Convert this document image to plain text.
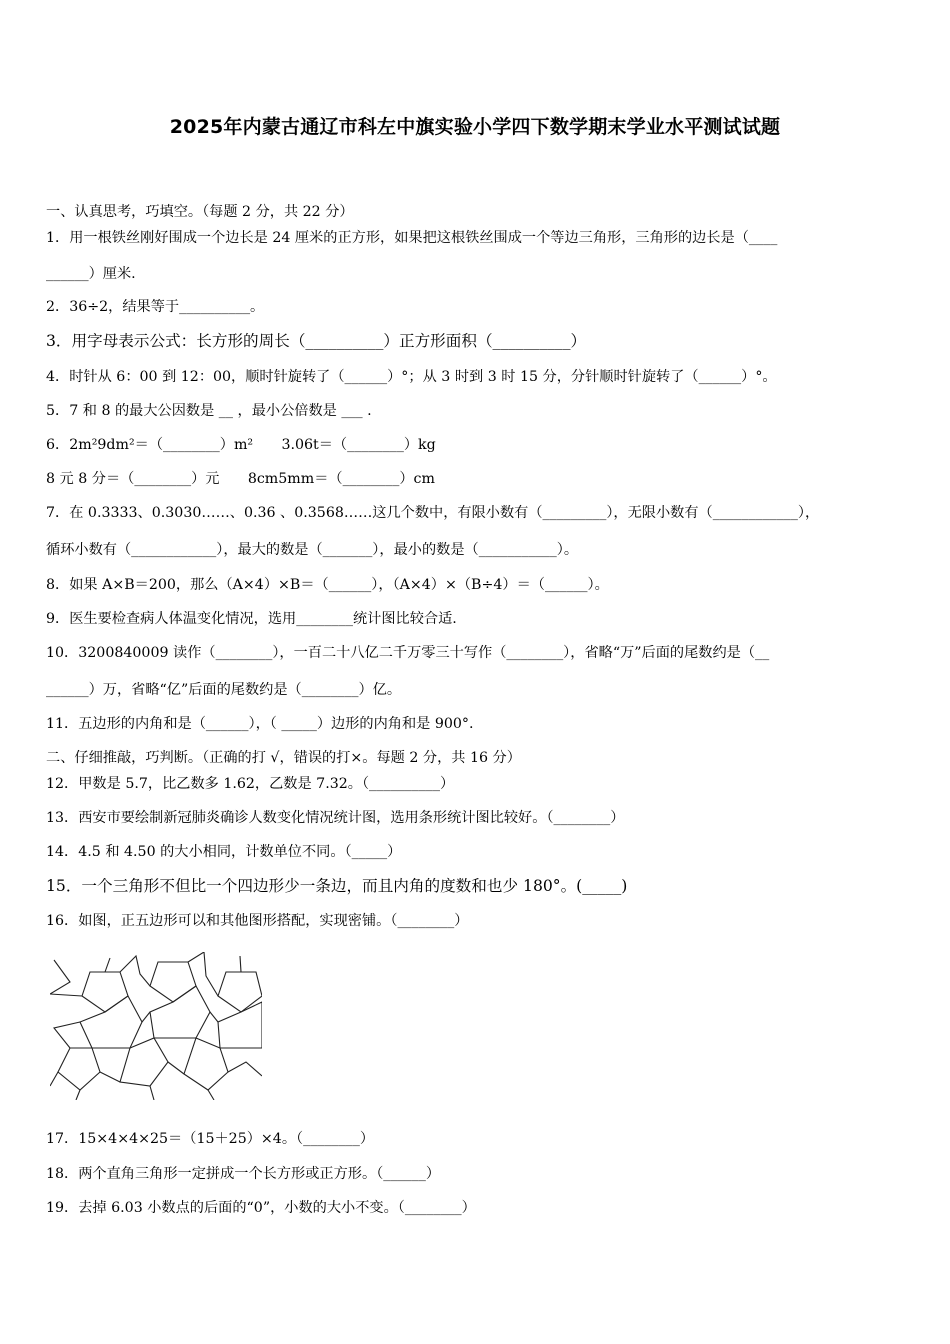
2025年内蒙古通辽市科左中旗实验小学四下数学期末学业水平测试试题
一、认真思考，巧填空。（每题 2 分，共 22 分）
1．用一根铁丝刚好围成一个边长是 24 厘米的正方形，如果把这根铁丝围成一个等边三角形，三角形的边长是（____
______）厘米.
2．36÷2，结果等于__________。
3．用字母表示公式：长方形的周长（__________）正方形面积（__________）
4．时针从 6：00 到 12：00，顺时针旋转了（______）°；从 3 时到 3 时 15 分，分针顺时针旋转了（______）°。
5．7 和 8 的最大公因数是 __ ，最小公倍数是 ___ .
6．2m²9dm²＝（________）m²　　3.06t＝（________）kg
8 元 8 分＝（________）元　　8cm5mm＝（________）cm
7．在 0.3333、0.3030……、0.36 、0.3568……这几个数中，有限小数有（_________），无限小数有（____________），
循环小数有（____________），最大的数是（_______），最小的数是（___________）。
8．如果 A×B＝200，那么（A×4）×B＝（______），（A×4）×（B÷4）＝（______）。
9．医生要检查病人体温变化情况，选用________统计图比较合适.
10．3200840009 读作（________），一百二十八亿二千万零三十写作（________），省略“万”后面的尾数约是（__
______）万，省略“亿”后面的尾数约是（________）亿。
11．五边形的内角和是（______），（ _____）边形的内角和是 900°.
二、仔细推敲，巧判断。（正确的打 √，错误的打×。每题 2 分，共 16 分）
12．甲数是 5.7，比乙数多 1.62，乙数是 7.32。（__________）
13．西安市要绘制新冠肺炎确诊人数变化情况统计图，选用条形统计图比较好。（________）
14．4.5 和 4.50 的大小相同，计数单位不同。（_____）
15．一个三角形不但比一个四边形少一条边，而且内角的度数和也少 180°。(_____)
16．如图，正五边形可以和其他图形搭配，实现密铺。（________）
17．15×4×4×25＝（15＋25）×4。（________）
18．两个直角三角形一定拼成一个长方形或正方形。（______）
19．去掉 6.03 小数点的后面的“0”，小数的大小不变。（________）
